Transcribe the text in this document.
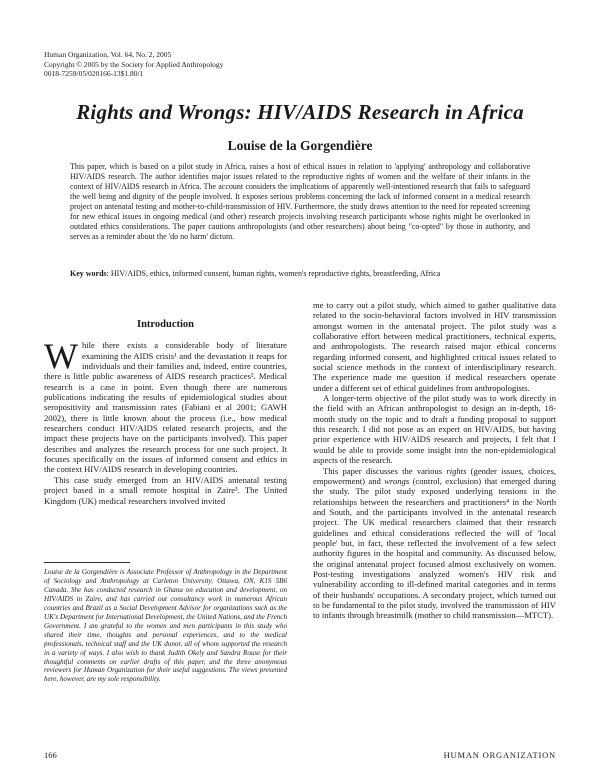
Human Organization, Vol. 64, No. 2, 2005
Copyright © 2005 by the Society for Applied Anthropology
0018-7259/05/020166-13$1.80/1
Rights and Wrongs: HIV/AIDS Research in Africa
Louise de la Gorgendière
This paper, which is based on a pilot study in Africa, raises a host of ethical issues in relation to 'applying' anthropology and collaborative HIV/AIDS research. The author identifies major issues related to the reproductive rights of women and the welfare of their infants in the context of HIV/AIDS research in Africa. The account considers the implications of apparently well-intentioned research that fails to safeguard the well being and dignity of the people involved. It exposes serious problems concerning the lack of informed consent in a medical research project on antenatal testing and mother-to-child-transmission of HIV. Furthermore, the study draws attention to the need for repeated screening for new ethical issues in ongoing medical (and other) research projects involving research participants whose rights might be overlooked in outdated ethics considerations. The paper cautions anthropologists (and other researchers) about being "co-opted" by those in authority, and serves as a reminder about the 'do no harm' dictum.
Key words: HIV/AIDS, ethics, informed consent, human rights, women's reproductive rights, breastfeeding, Africa
Introduction

While there exists a considerable body of literature examining the AIDS crisis¹ and the devastation it reaps for individuals and their families and, indeed, entire countries, there is little public awareness of AIDS research practices². Medical research is a case in point. Even though there are numerous publications indicating the results of epidemiological studies about seropositivity and transmission rates (Fabiani et al 2001; GAWH 2002), there is little known about the process (i.e., how medical researchers conduct HIV/AIDS related research projects, and the impact these projects have on the participants involved). This paper describes and analyzes the research process for one such project. It focuses specifically on the issues of informed consent and ethics in the context HIV/AIDS research in developing countries.

This case study emerged from an HIV/AIDS antenatal testing project based in a small remote hospital in Zaire³. The United Kingdom (UK) medical researchers involved invited

me to carry out a pilot study, which aimed to gather qualitative data related to the socio-behavioral factors involved in HIV transmission amongst women in the antenatal project. The pilot study was a collaborative effort between medical practitioners, technical experts, and anthropologists. The research raised major ethical concerns regarding informed consent, and highlighted critical issues related to social science methods in the context of interdisciplinary research. The experience made me question if medical researchers operate under a different set of ethical guidelines from anthropologists.

A longer-term objective of the pilot study was to work directly in the field with an African anthropologist to design an in-depth, 18-month study on the topic and to draft a funding proposal to support this research. I did not pose as an expert on HIV/AIDS, but having prior experience with HIV/AIDS research and projects, I felt that I would be able to provide some insight into the non-epidemiological aspects of the research.

This paper discusses the various rights (gender issues, choices, empowerment) and wrongs (control, exclusion) that emerged during the study. The pilot study exposed underlying tensions in the relationships between the researchers and practitioners⁴ in the North and South, and the participants involved in the antenatal research project. The UK medical researchers claimed that their research guidelines and ethical considerations reflected the will of 'local people' but, in fact, these reflected the involvement of a few select authority figures in the hospital and community. As discussed below, the original antenatal project focused almost exclusively on women. Post-testing investigations analyzed women's HIV risk and vulnerability according to ill-defined marital categories and in terms of their husbands' occupations. A secondary project, which turned out to be fundamental to the pilot study, involved the transmission of HIV to infants through breastmilk (mother to child transmission—MTCT).

Louise de la Gorgendière is Associate Professor of Anthropology in the Department of Sociology and Anthropology at Carleton University, Ottawa, ON, K1S 5B6 Canada. She has conducted research in Ghana on education and development, on HIV/AIDS in Zaire, and has carried out consultancy work in numerous African countries and Brazil as a Social Development Advisor for organizations such as the UK's Department for International Development, the United Nations, and the French Government. I am grateful to the women and men participants in this study who shared their time, thoughts and personal experiences, and to the medical professionals, technical staff and the UK donor, all of whom supported the research in a variety of ways. I also wish to thank Judith Okely and Sandra Rouse for their thoughtful comments on earlier drafts of this paper, and the three anonymous reviewers for Human Organization for their useful suggestions. The views presented here, however, are my sole responsibility.
166	HUMAN ORGANIZATION
